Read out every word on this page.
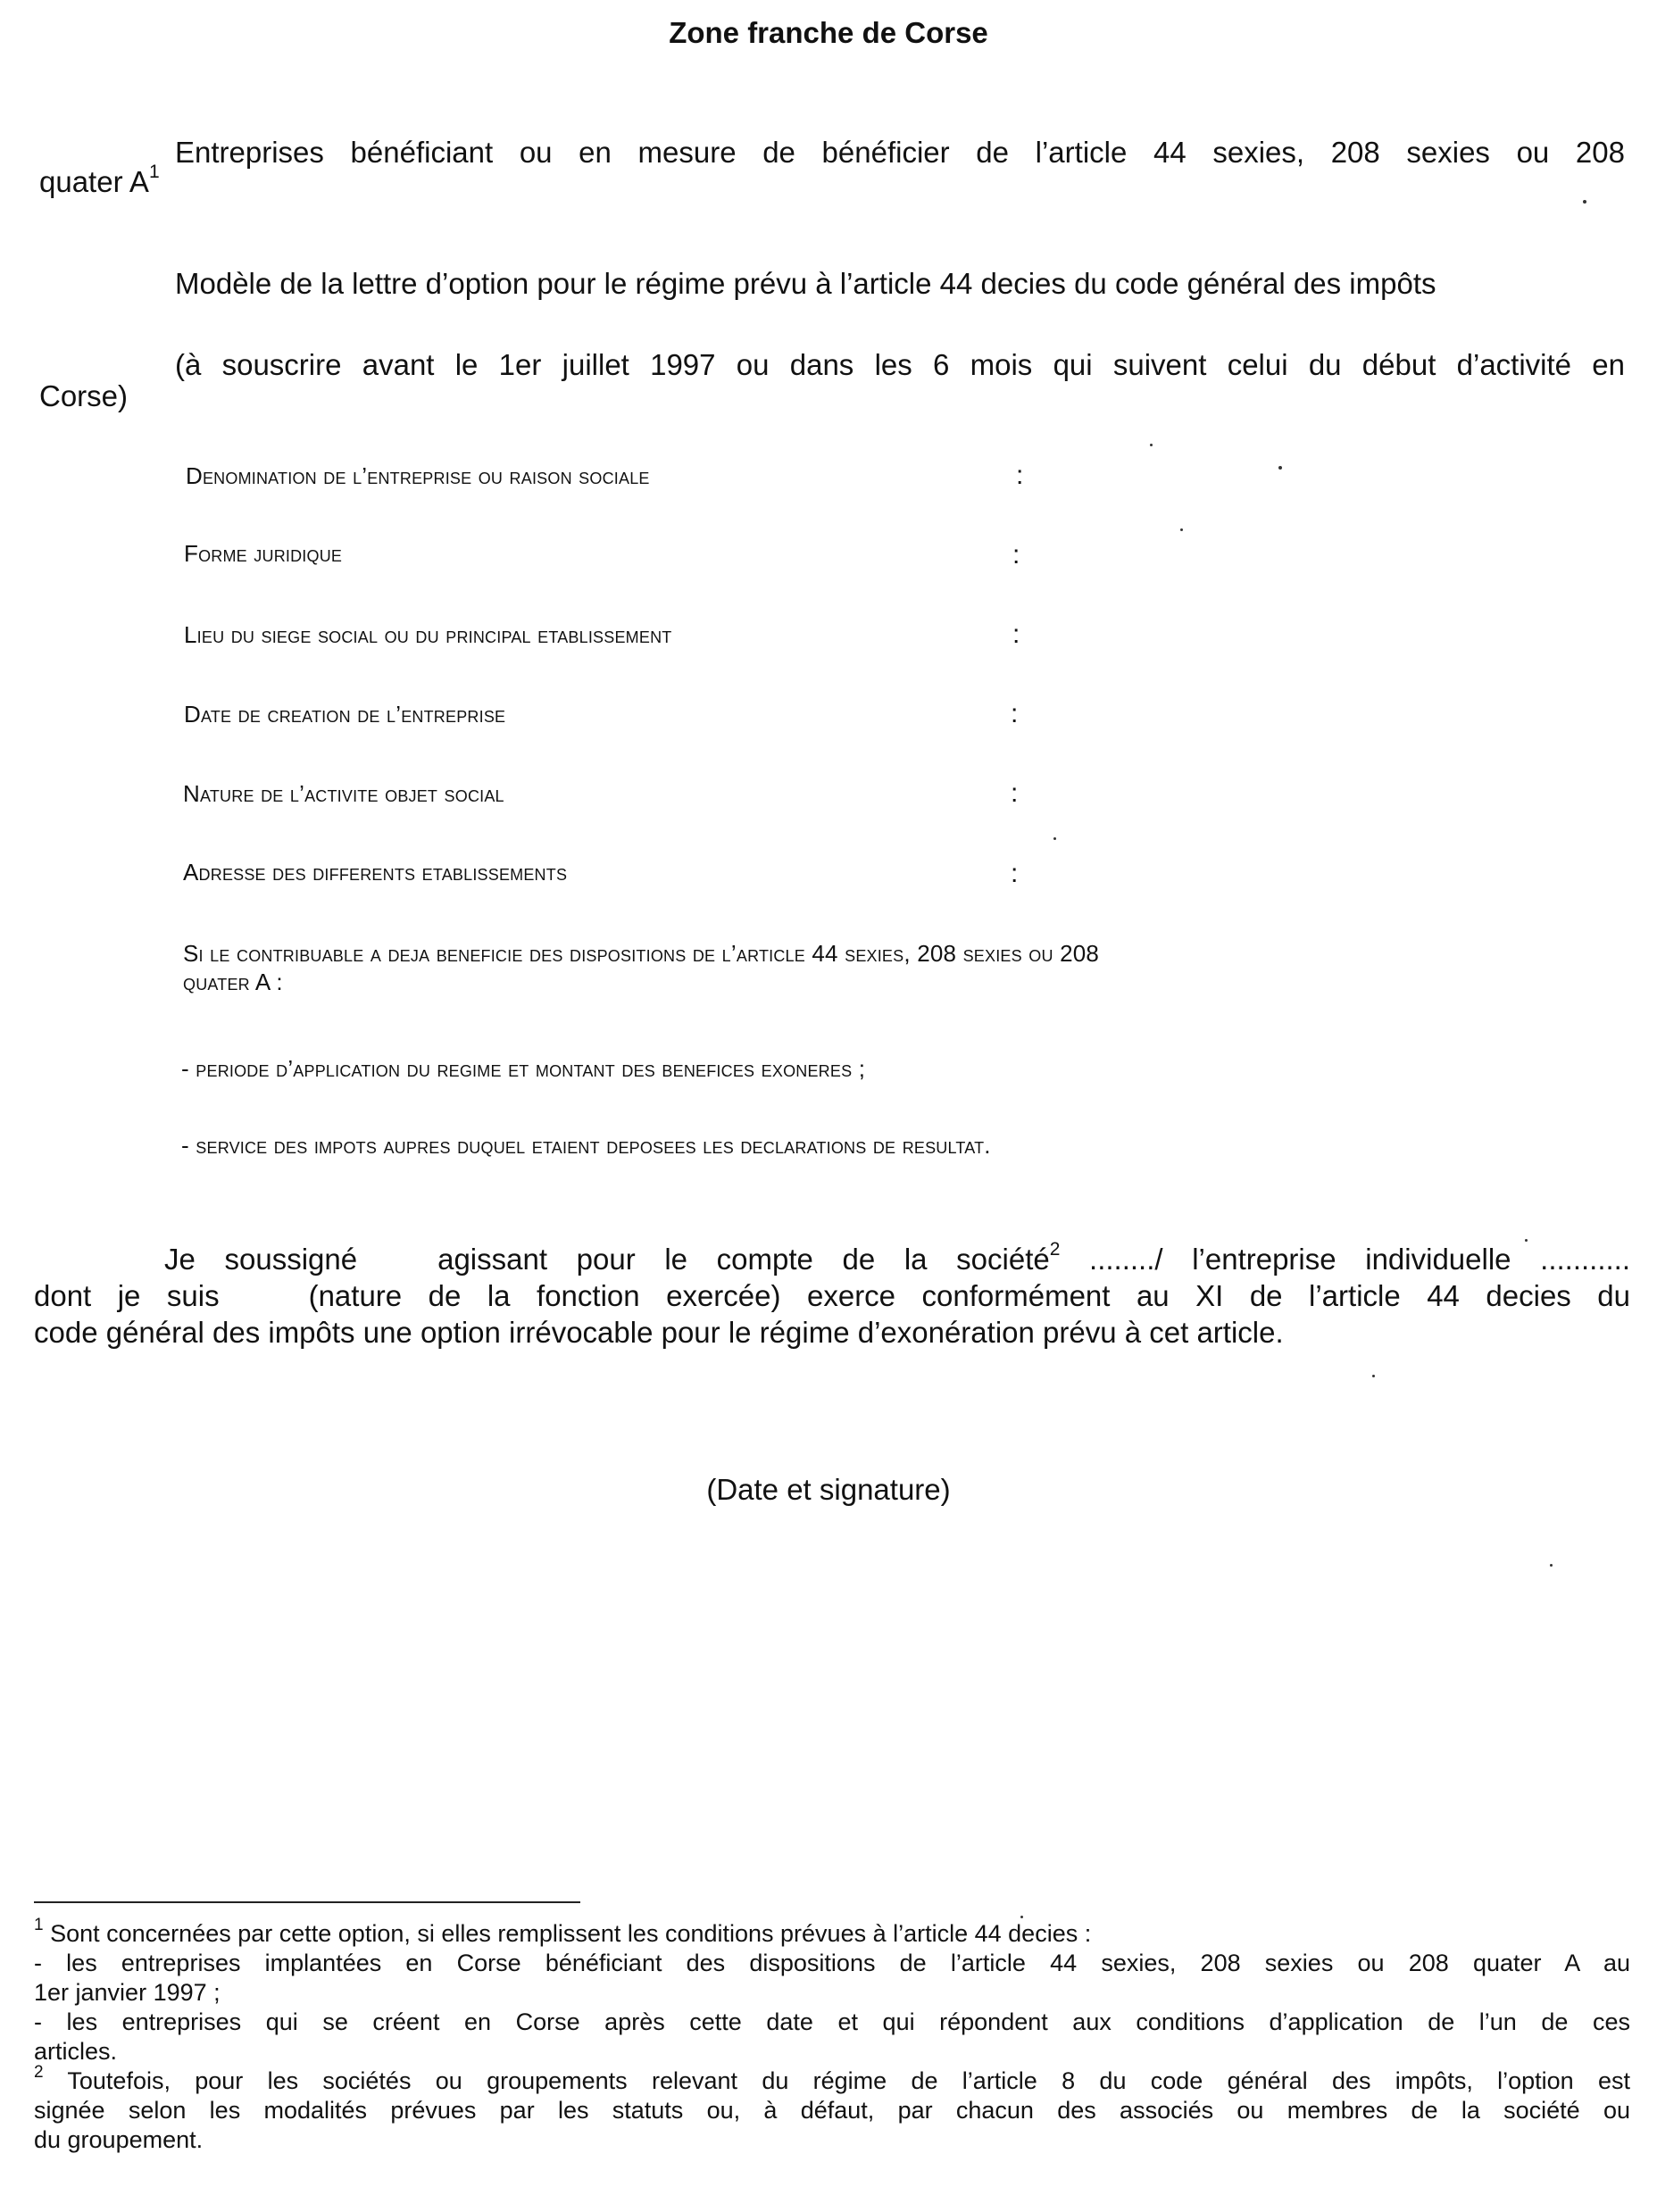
Zone franche de Corse
Entreprises bénéficiant ou en mesure de bénéficier de l’article 44 sexies, 208 sexies ou 208
quater $A^1$
Modèle de la lettre d’option pour le régime prévu à l’article 44 decies du code général des impôts
(à souscrire avant le 1er juillet 1997 ou dans les 6 mois qui suivent celui du début d’activité en
Corse)
Denomination de l’entreprise ou raison sociale	:
Forme juridique	:
Lieu du siege social ou du principal etablissement	:
Date de creation de l’entreprise	:
Nature de l’activite objet social	:
Adresse des differents etablissements	:
Si le contribuable a deja beneficie des dispositions de l’article 44 sexies, 208 sexies ou 208
quater A :
- periode d’application du regime et montant des benefices exoneres ;
- service des impots aupres duquel etaient deposees les declarations de resultat.
Je soussigné	agissant pour le compte de la société$^2$ ......../ l’entreprise individuelle ...........
dont je suis	(nature de la fonction exercée) exerce conformément au XI de l’article 44 decies du
code général des impôts une option irrévocable pour le régime d’exonération prévu à cet article.
(Date et signature)
$^1$ Sont concernées par cette option, si elles remplissent les conditions prévues à l’article 44 decies :
- les entreprises implantées en Corse bénéficiant des dispositions de l’article 44 sexies, 208 sexies ou 208 quater A au
1er janvier 1997 ;
- les entreprises qui se créent en Corse après cette date et qui répondent aux conditions d’application de l’un de ces
articles.
$^2$ Toutefois, pour les sociétés ou groupements relevant du régime de l’article 8 du code général des impôts, l’option est
signée selon les modalités prévues par les statuts ou, à défaut, par chacun des associés ou membres de la société ou
du groupement.
